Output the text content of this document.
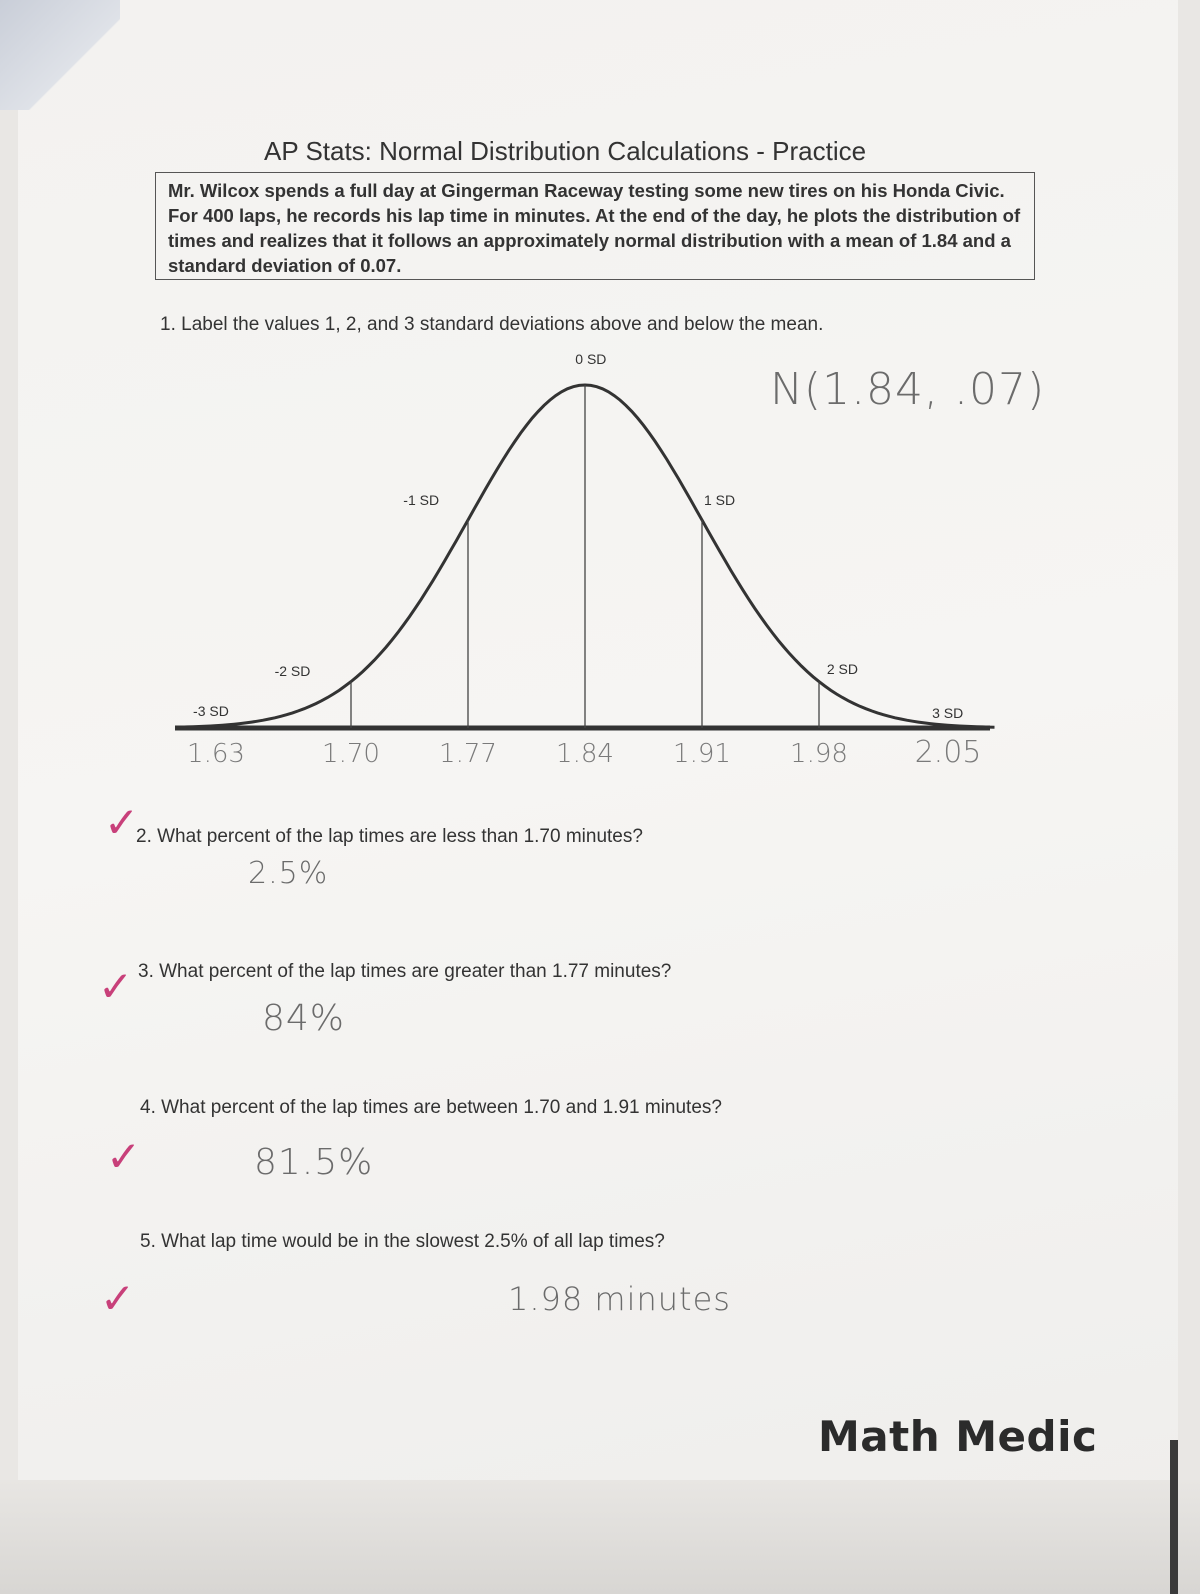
AP Stats: Normal Distribution Calculations - Practice
Mr. Wilcox spends a full day at Gingerman Raceway testing some new tires on his Honda Civic. For 400 laps, he records his lap time in minutes. At the end of the day, he plots the distribution of times and realizes that it follows an approximately normal distribution with a mean of 1.84 and a standard deviation of 0.07.
1. Label the values 1, 2, and 3 standard deviations above and below the mean.
-3 SD
1.63
-2 SD
1.70
-1 SD
1.77
0 SD
1.84
1 SD
1.91
2 SD
1.98
3 SD
2.05
N(1.84, .07)
✓
2. What percent of the lap times are less than 1.70 minutes?
2.5%
✓ 3. What percent of the lap times are greater than 1.77 minutes?
84%
4. What percent of the lap times are between 1.70 and 1.91 minutes?
✓	81.5%
5. What lap time would be in the slowest 2.5% of all lap times?
✓	1.98 minutes
Math Medic
